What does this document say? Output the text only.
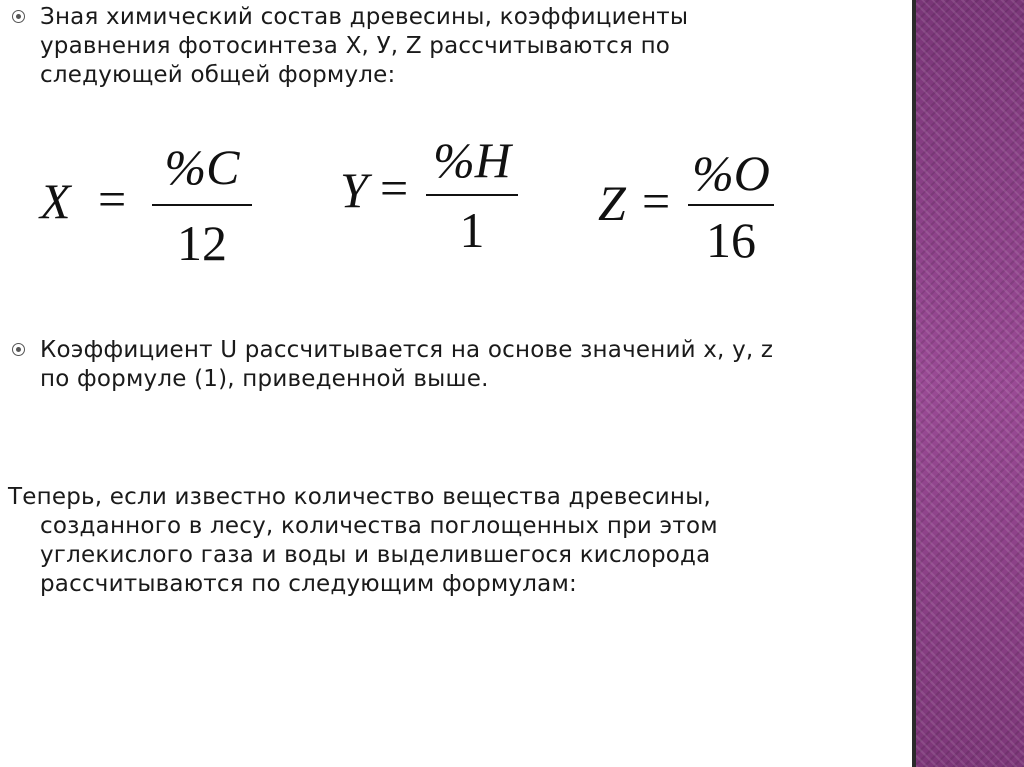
Зная химический состав древесины, коэффициенты
уравнения фотосинтеза Х, У, Z рассчитываются по
следующей общей формуле:
X =
%C
12
Y = %H
1	Z = %O
16
Коэффициент U рассчитывается на основе значений x, y, z
по формуле (1), приведенной выше.
Теперь, если известно количество вещества древесины,
созданного в лесу, количества поглощенных при этом
углекислого газа и воды и выделившегося кислорода
рассчитываются по следующим формулам:
